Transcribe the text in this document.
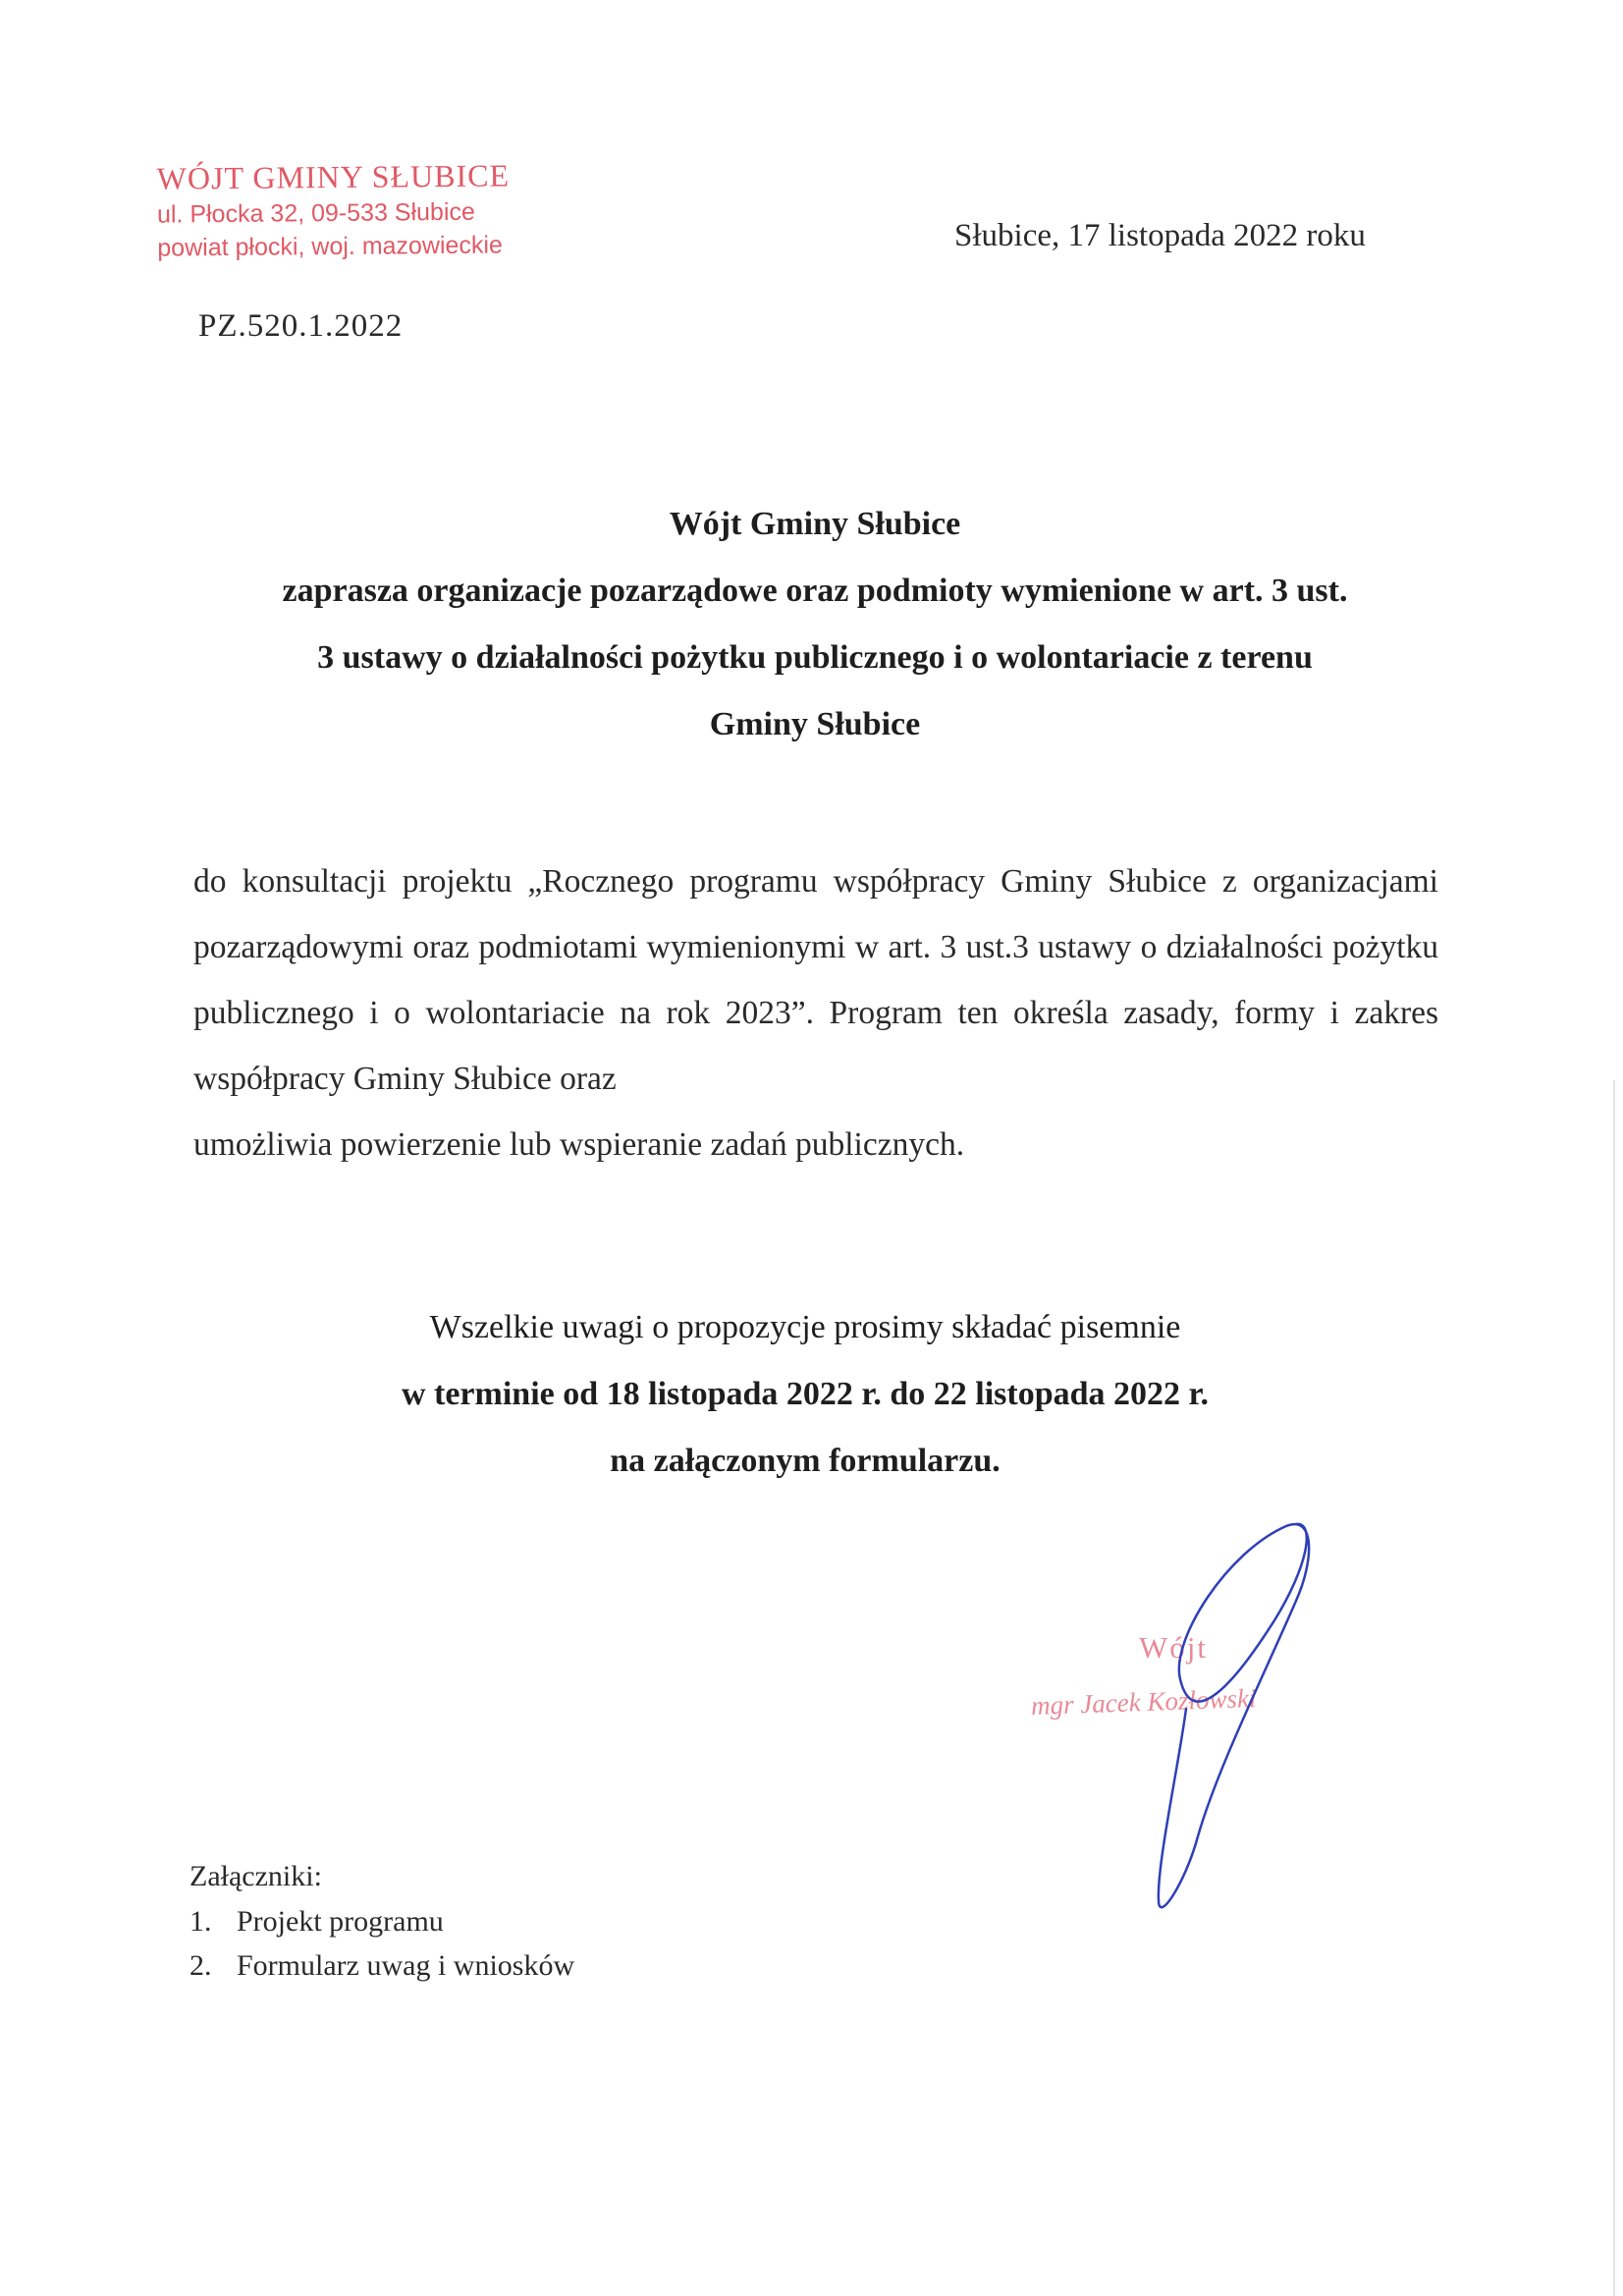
WÓJT GMINY SŁUBICE
ul. Płocka 32, 09-533 Słubice
powiat płocki, woj. mazowieckie	Słubice, 17 listopada 2022 roku
PZ.520.1.2022
Wójt Gminy Słubice
zaprasza organizacje pozarządowe oraz podmioty wymienione w art. 3 ust.
3 ustawy o działalności pożytku publicznego i o wolontariacie z terenu
Gminy Słubice
do konsultacji projektu „Rocznego programu współpracy Gminy Słubice z organizacjami pozarządowymi oraz podmiotami wymienionymi w art. 3 ust.3 ustawy o działalności pożytku publicznego i o wolontariacie na rok 2023”. Program ten określa zasady, formy i zakres współpracy Gminy Słubice oraz
umożliwia powierzenie lub wspieranie zadań publicznych.
Wszelkie uwagi o propozycje prosimy składać pisemnie
w terminie od 18 listopada 2022 r. do 22 listopada 2022 r.
na załączonym formularzu.
Wójt
mgr Jacek Kozłowski
Załączniki:
1. Projekt programu
2. Formularz uwag i wniosków
